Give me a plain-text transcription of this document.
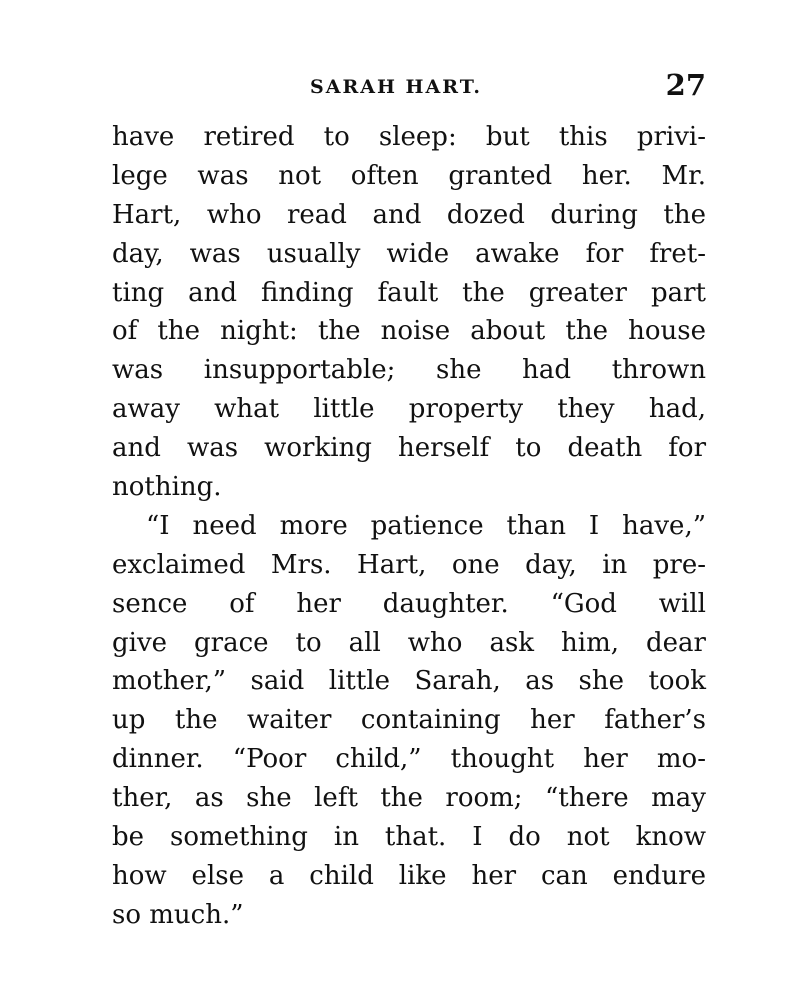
SARAH HART.	27
have retired to sleep: but this privi-
lege was not often granted her. Mr.
Hart, who read and dozed during the
day, was usually wide awake for fret-
ting and finding fault the greater part
of the night: the noise about the house
was insupportable; she had thrown
away what little property they had,
and was working herself to death for
nothing.
“I need more patience than I have,”
exclaimed Mrs. Hart, one day, in pre-
sence of her daughter. “God will
give grace to all who ask him, dear
mother,” said little Sarah, as she took
up the waiter containing her father’s
dinner. “Poor child,” thought her mo-
ther, as she left the room; “there may
be something in that. I do not know
how else a child like her can endure
so much.”
